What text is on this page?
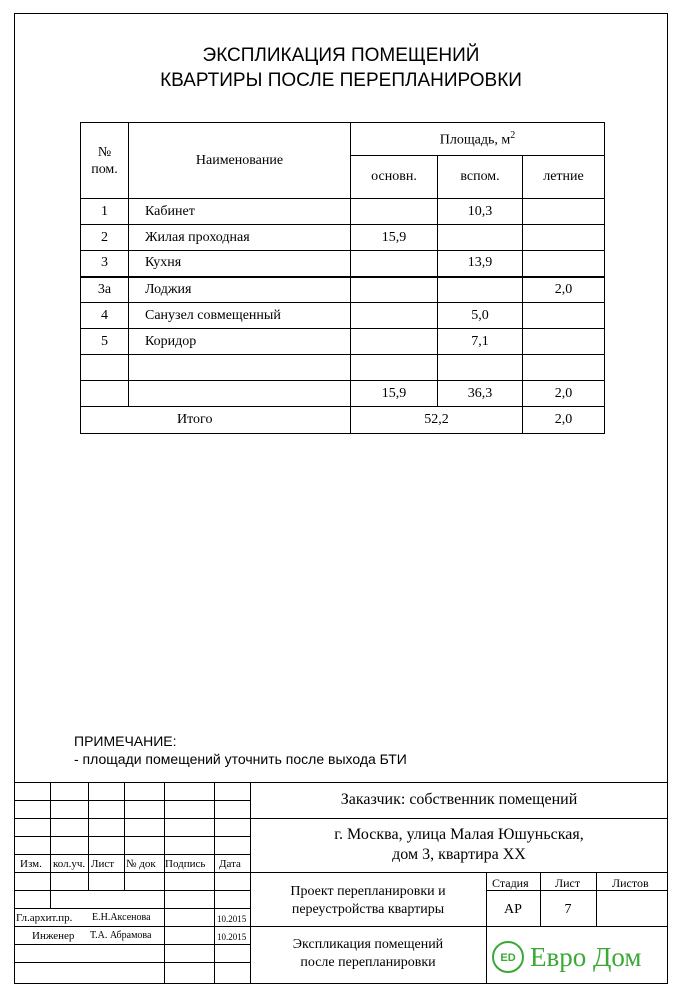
ЭКСПЛИКАЦИЯ ПОМЕЩЕНИЙ
КВАРТИРЫ ПОСЛЕ ПЕРЕПЛАНИРОВКИ
№ пом.	Наименование	Площадь, $м^2$
		основн.	вспом.	летние
1	Кабинет		10,3	
2	Жилая проходная	15,9		
3	Кухня		13,9	
3а	Лоджия			2,0
4	Санузел совмещенный		5,0	
5	Коридор		7,1	

		15,9	36,3	2,0
Итого		52,2		2,0
ПРИМЕЧАНИЕ:
- площади помещений уточнить после выхода БТИ
Изм. кол.уч. Лист № док Подпись Дата
Гл.архит.пр. Е.Н.Аксенова	10.2015
Инженер Т.А. Абрамова	10.2015
Заказчик: собственник помещений
г. Москва, улица Малая Юшуньская,
дом 3, квартира ХХ
Проект перепланировки и
переустройства квартиры
Стадия Лист	Листов
АР	7
Экспликация помещений
после перепланировки	ED Евро Дом
